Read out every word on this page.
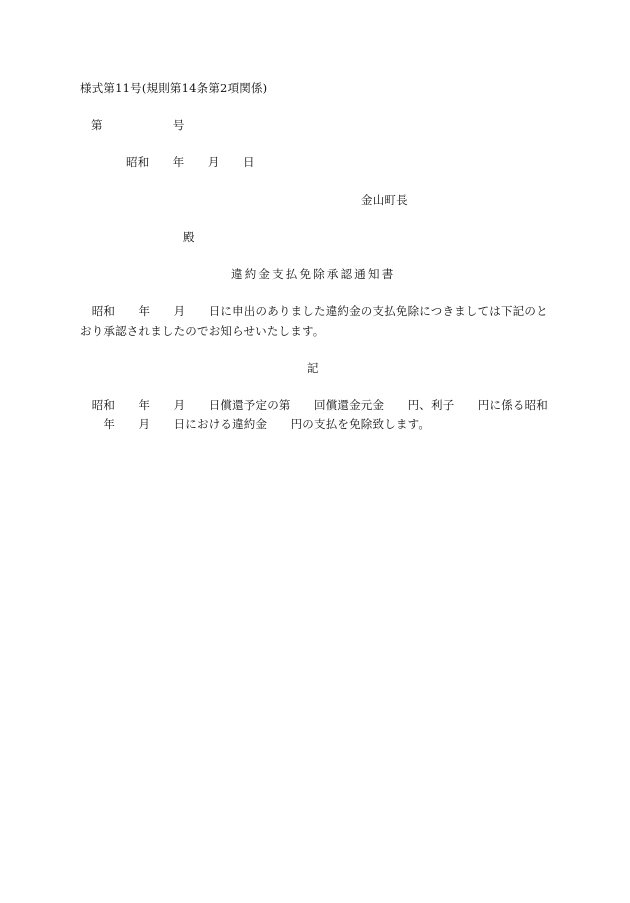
様式第11号(規則第14条第2項関係)
第　　　　　　号
昭和　　年　　月　　日
金山町長
殿
違約金支払免除承認通知書
　昭和　　年　　月　　日に申出のありました違約金の支払免除につきましては下記のと
おり承認されましたのでお知らせいたします。
記
　昭和　　年　　月　　日償還予定の第　　回償還金元金　　円、利子　　円に係る昭和
　　年　　月　　日における違約金　　円の支払を免除致します。
